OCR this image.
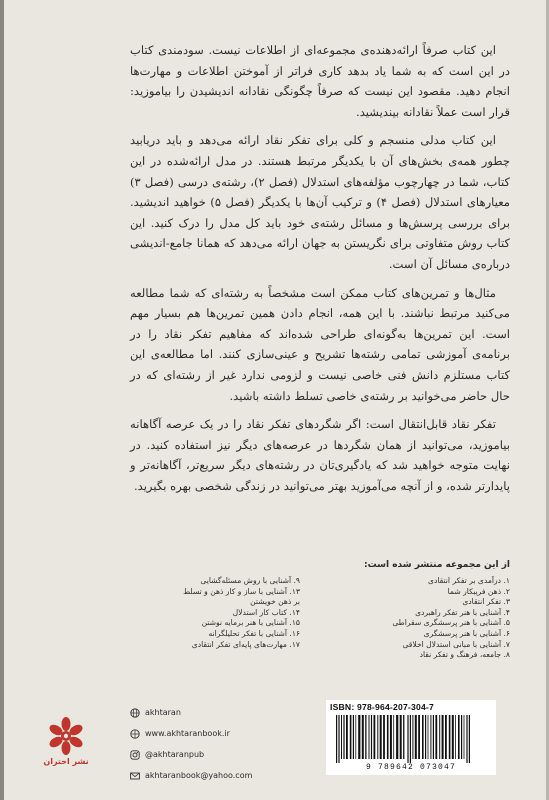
این کتاب صرفاً ارائه‌دهنده‌ی مجموعه‌ای از اطلاعات نیست. سودمندی کتاب در این است که به شما یاد بدهد کاری فراتر از آموختن اطلاعات و مهارت‌ها انجام دهید. مقصود این نیست که صرفاً چگونگی نقادانه اندیشیدن را بیاموزید: قرار است عملاً نقادانه بیندیشید.

این کتاب مدلی منسجم و کلی برای تفکر نقاد ارائه می‌دهد و باید دریابید چطور همه‌ی بخش‌های آن با یکدیگر مرتبط هستند. در مدل ارائه‌شده در این کتاب، شما در چهارچوب مؤلفه‌های استدلال (فصل ۲)، رشته‌ی درسی (فصل ۳) معیارهای استدلال (فصل ۴) و ترکیب آن‌ها با یکدیگر (فصل ۵) خواهید اندیشید. برای بررسی پرسش‌ها و مسائل رشته‌ی خود باید کل مدل را درک کنید. این کتاب روش متفاوتی برای نگریستن به جهان ارائه می‌دهد که همانا جامع-اندیشی درباره‌ی مسائل آن است.

مثال‌ها و تمرین‌های کتاب ممکن است مشخصاً به رشته‌ای که شما مطالعه می‌کنید مرتبط نباشند. با این همه، انجام دادن همین تمرین‌ها هم بسیار مهم است. این تمرین‌ها به‌گونه‌ای طراحی شده‌اند که مفاهیم تفکر نقاد را در برنامه‌ی آموزشی تمامی رشته‌ها تشریح و عینی‌سازی کنند. اما مطالعه‌ی این کتاب مستلزم دانش فنی خاصی نیست و لزومی ندارد غیر از رشته‌ای که در حال حاضر می‌خوانید بر رشته‌ی خاصی تسلط داشته باشید.

تفکر نقاد قابل‌انتقال است: اگر شگردهای تفکر نقاد را در یک عرصه آگاهانه بیاموزید، می‌توانید از همان شگردها در عرصه‌های دیگر نیز استفاده کنید. در نهایت متوجه خواهید شد که یادگیری‌تان در رشته‌های دیگر سریع‌تر، آگاهانه‌تر و پایدارتر شده، و از آنچه می‌آموزید بهتر می‌توانید در زندگی شخصی بهره بگیرید.

از این مجموعه منتشر شده است:
۱. درآمدی بر تفکر انتقادی
۲. ذهن فریبکار شما
۳. تفکر انتقادی
۴. آشنایی با هنر تفکر راهبردی
۵. آشنایی با هنر پرسشگری سقراطی
۶. آشنایی با هنر پرسشگری
۷. آشنایی با مبانی استدلال اخلاقی
۸. جامعه، فرهنگ و تفکر نقاد
۹. آشنایی با روش مسئله‌گشایی
۱۳. آشنایی با ساز و کار ذهن و تسلط
بر ذهن خویشتن
۱۴. کتاب کار استدلال
۱۵. آشنایی با هنر برمایه نوشتن
۱۶. آشنایی با تفکر تحلیلگرانه
۱۷. مهارت‌های پایه‌ای تفکر انتقادی
akhtaran
www.akhtaranbook.ir
@akhtaranpub
akhtaranbook@yahoo.com
نشر اختران
ISBN: 978-964-207-304-7
9 789642 073047
